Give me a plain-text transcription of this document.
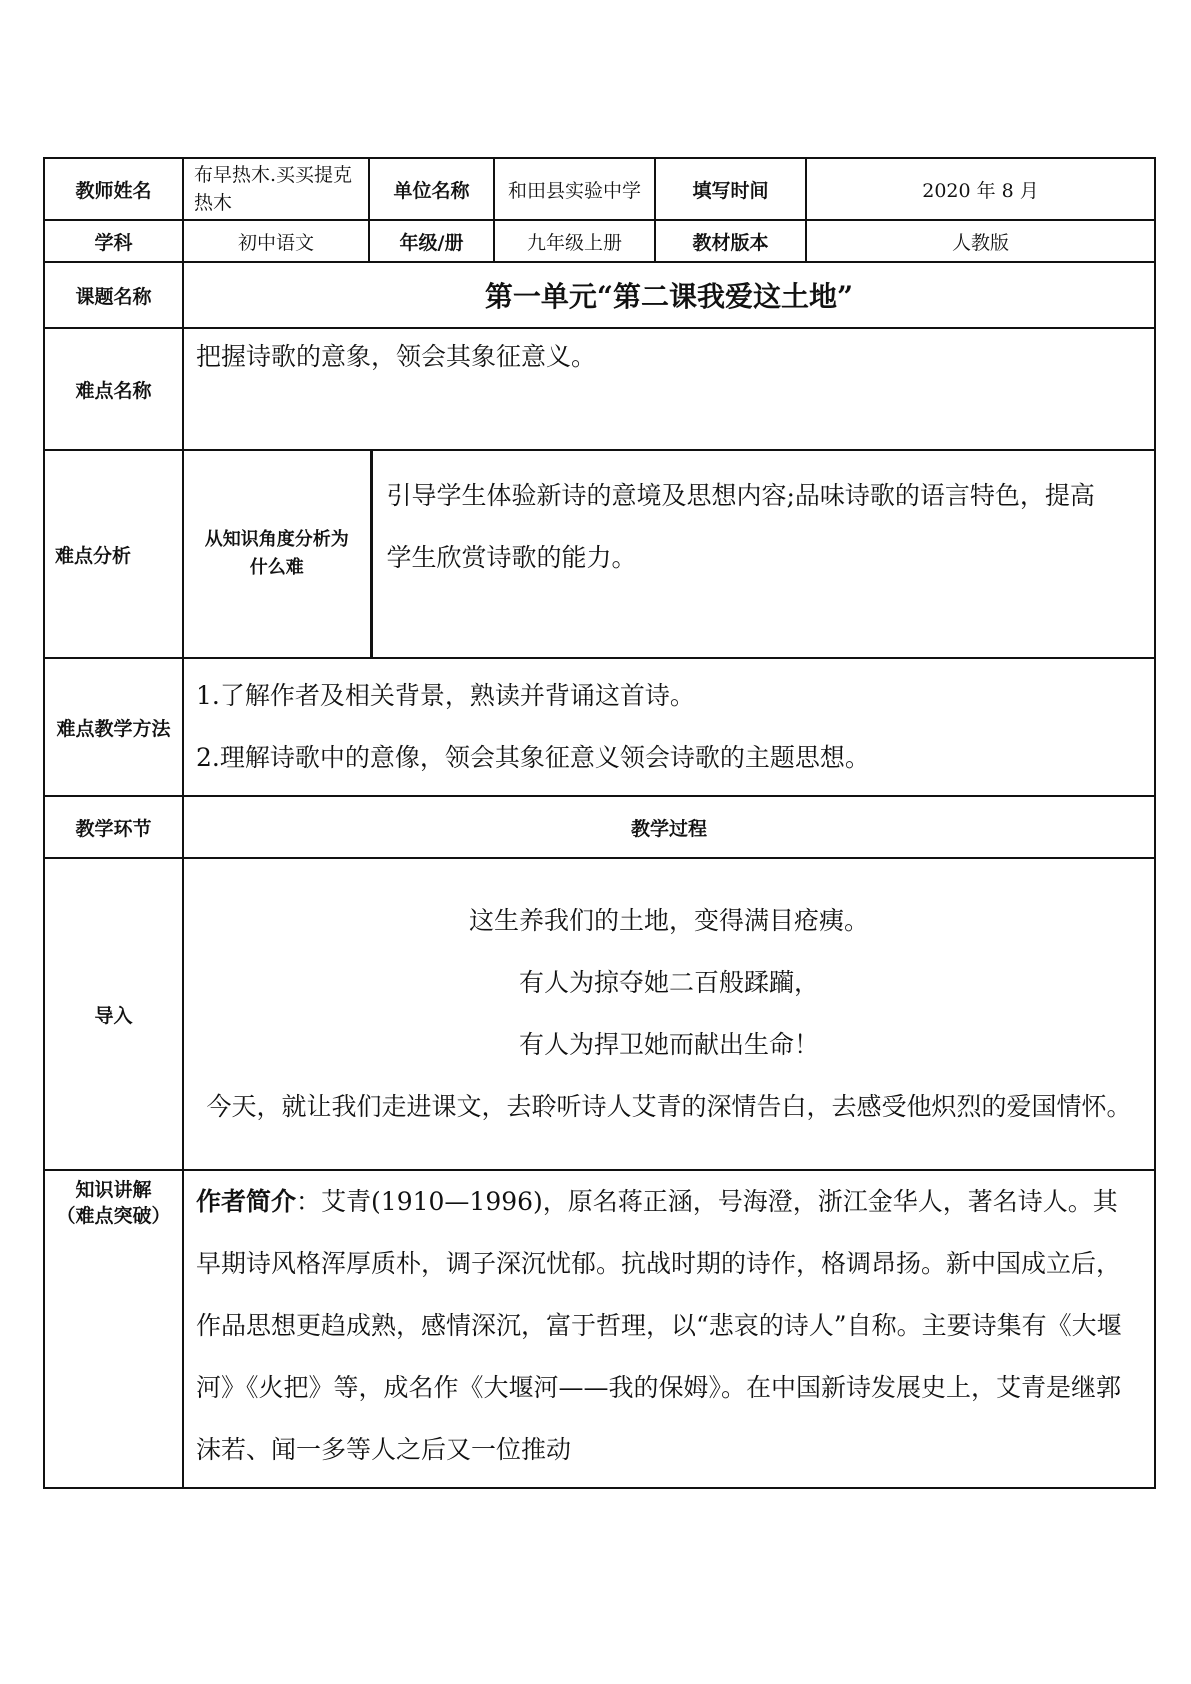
教师姓名	布早热木.买买提克热木	单位名称		和田县实验中学	填写时间	2020 年 8 月
学科	初中语文	年级/册		九年级上册	教材版本	人教版
课题名称	第一单元“第二课我爱这土地”					
难点名称	把握诗歌的意象，领会其象征意义。					

难点分析	从知识角度分析为什么难		引导学生体验新诗的意境及思想内容;品味诗歌的语言特色，提高学生欣赏诗歌的能力。			

难点教学方法	1.了解作者及相关背景，熟读并背诵这首诗。

2.理解诗歌中的意像，领会其象征意义领会诗歌的主题思想。					

教学环节	教学过程					
导入	这生养我们的土地，变得满目疮痍。

有人为掠夺她二百般蹂躏，

有人为捍卫她而献出生命！

今天，就让我们走进课文，去聆听诗人艾青的深情告白，去感受他炽烈的爱国情怀。					

知识讲解
（难点突破）	作者简介：艾青(1910—1996)，原名蒋正涵，号海澄，浙江金华人，著名诗人。其早期诗风格浑厚质朴，调子深沉忧郁。抗战时期的诗作，格调昂扬。新中国成立后，作品思想更趋成熟，感情深沉，富于哲理，以“悲哀的诗人”自称。主要诗集有《大堰河》《火把》等，成名作《大堰河——我的保姆》。在中国新诗发展史上，艾青是继郭沫若、闻一多等人之后又一位推动					
